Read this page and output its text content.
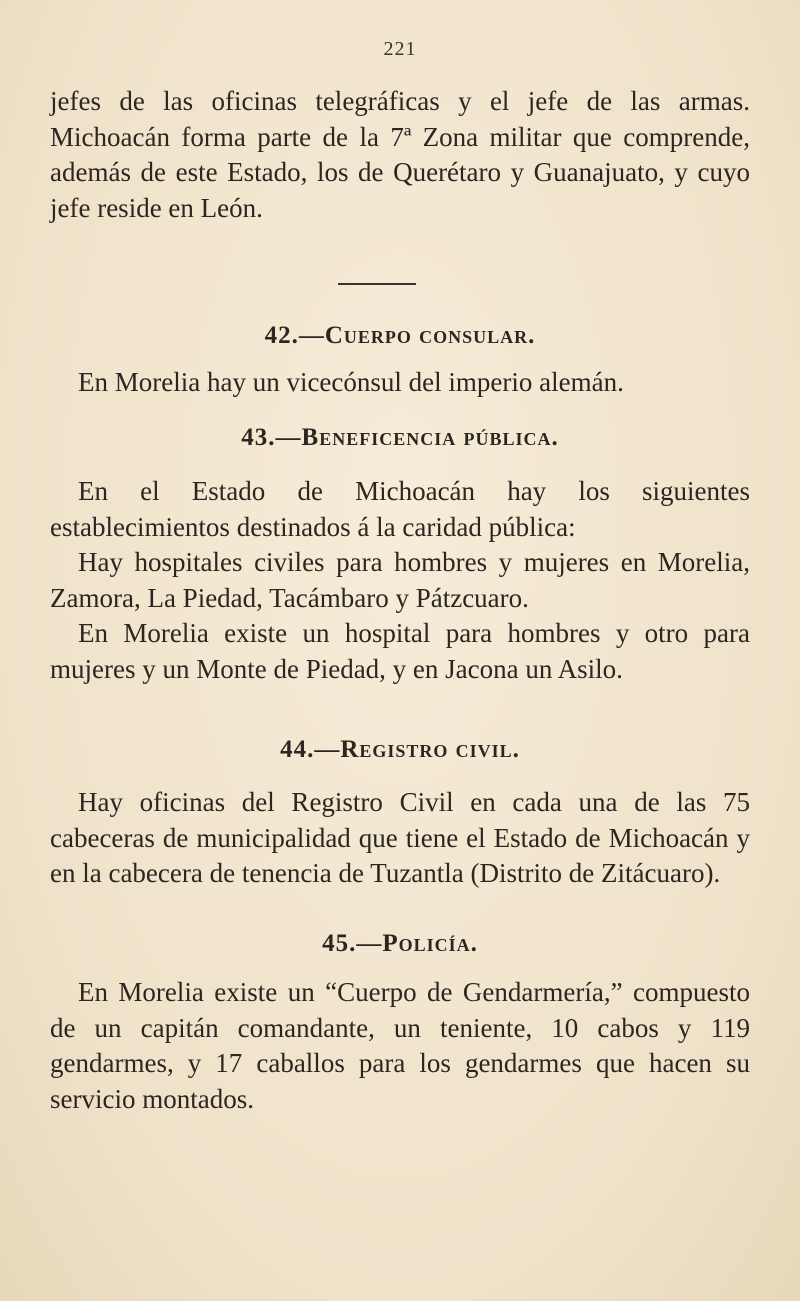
221

jefes de las oficinas telegráficas y el jefe de las armas. Michoacán forma parte de la 7ª Zona militar que comprende, además de este Estado, los de Querétaro y Guanajuato, y cuyo jefe reside en León.

42.—Cuerpo consular.

En Morelia hay un vicecónsul del imperio alemán.

43.—Beneficencia pública.

En el Estado de Michoacán hay los siguientes establecimientos destinados á la caridad pública:

Hay hospitales civiles para hombres y mujeres en Morelia, Zamora, La Piedad, Tacámbaro y Pátzcuaro.

En Morelia existe un hospital para hombres y otro para mujeres y un Monte de Piedad, y en Jacona un Asilo.

44.—Registro civil.

Hay oficinas del Registro Civil en cada una de las 75 cabeceras de municipalidad que tiene el Estado de Michoacán y en la cabecera de tenencia de Tuzantla (Distrito de Zitácuaro).

45.—Policía.

En Morelia existe un “Cuerpo de Gendarmería,” compuesto de un capitán comandante, un teniente, 10 cabos y 119 gendarmes, y 17 caballos para los gendarmes que hacen su servicio montados.
